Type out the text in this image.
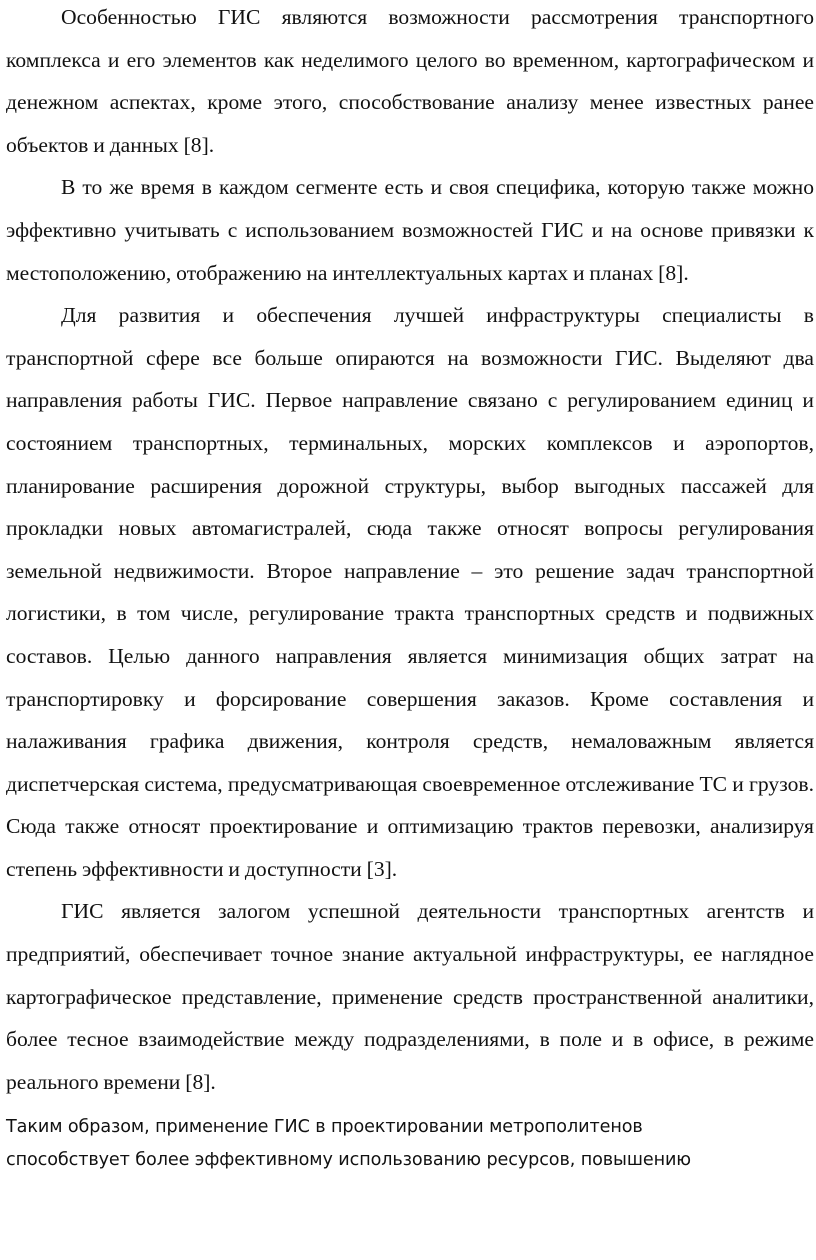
Особенностью ГИС являются возможности рассмотрения транспортного комплекса и его элементов как неделимого целого во временном, картографическом и денежном аспектах, кроме этого, способствование анализу менее известных ранее объектов и данных [8].

В то же время в каждом сегменте есть и своя специфика, которую также можно эффективно учитывать с использованием возможностей ГИС и на основе привязки к местоположению, отображению на интеллектуальных картах и планах [8].

Для развития и обеспечения лучшей инфраструктуры специалисты в транспортной сфере все больше опираются на возможности ГИС. Выделяют два направления работы ГИС. Первое направление связано с регулированием единиц и состоянием транспортных, терминальных, морских комплексов и аэропортов, планирование расширения дорожной структуры, выбор выгодных пассажей для прокладки новых автомагистралей, сюда также относят вопросы регулирования земельной недвижимости. Второе направление – это решение задач транспортной логистики, в том числе, регулирование тракта транспортных средств и подвижных составов. Целью данного направления является минимизация общих затрат на транспортировку и форсирование совершения заказов. Кроме составления и налаживания графика движения, контроля средств, немаловажным является диспетчерская система, предусматривающая своевременное отслеживание ТС и грузов. Сюда также относят проектирование и оптимизацию трактов перевозки, анализируя степень эффективности и доступности [3].

ГИС является залогом успешной деятельности транспортных агентств и предприятий, обеспечивает точное знание актуальной инфраструктуры, ее наглядное картографическое представление, применение средств пространственной аналитики, более тесное взаимодействие между подразделениями, в поле и в офисе, в режиме реального времени [8].

Таким образом, применение ГИС в проектировании метрополитенов
способствует более эффективному использованию ресурсов, повышению
